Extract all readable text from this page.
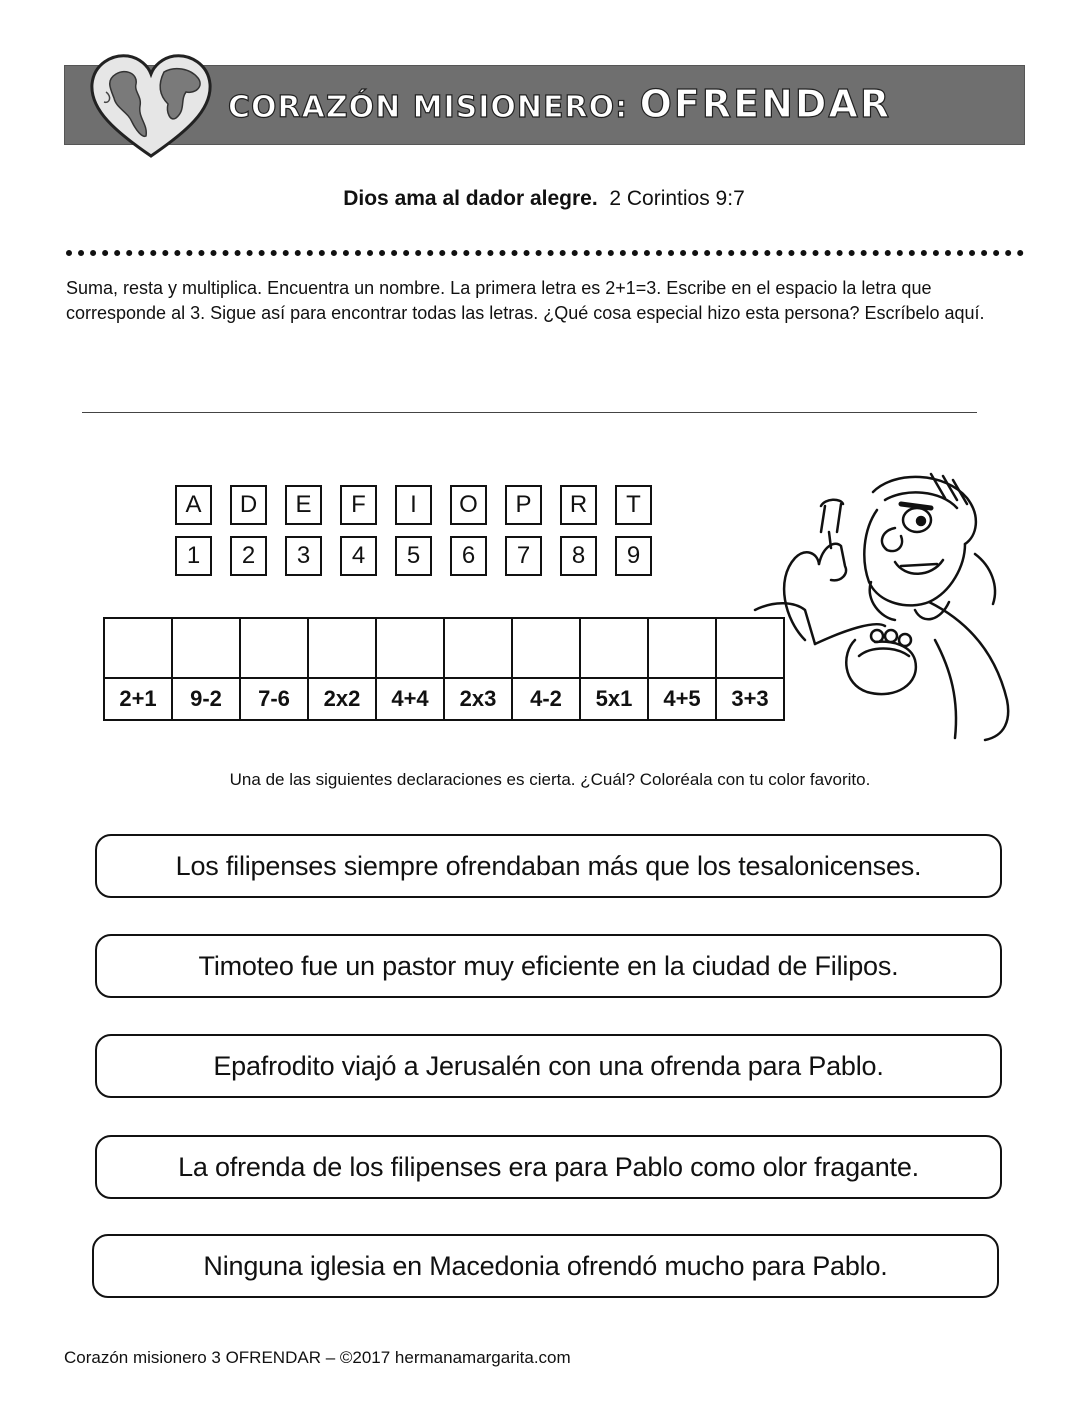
CORAZÓN MISIONERO: OFRENDAR
Dios ama al dador alegre. 2 Corintios 9:7
Suma, resta y multiplica. Encuentra un nombre. La primera letra es 2+1=3. Escribe en el espacio la letra que corresponde al 3. Sigue así para encontrar todas las letras. ¿Qué cosa especial hizo esta persona? Escríbelo aquí.
A	D	E	F	I	O	P	R	T
1	2	3	4	5	6	7	8	9

2+1	9-2	7-6	2x2	4+4	2x3	4-2	5x1	4+5	3+3
Una de las siguientes declaraciones es cierta. ¿Cuál? Coloréala con tu color favorito.
Los filipenses siempre ofrendaban más que los tesalonicenses.
Timoteo fue un pastor muy eficiente en la ciudad de Filipos.
Epafrodito viajó a Jerusalén con una ofrenda para Pablo.
La ofrenda de los filipenses era para Pablo como olor fragante.
Ninguna iglesia en Macedonia ofrendó mucho para Pablo.
Corazón misionero 3 OFRENDAR – ©2017 hermanamargarita.com
